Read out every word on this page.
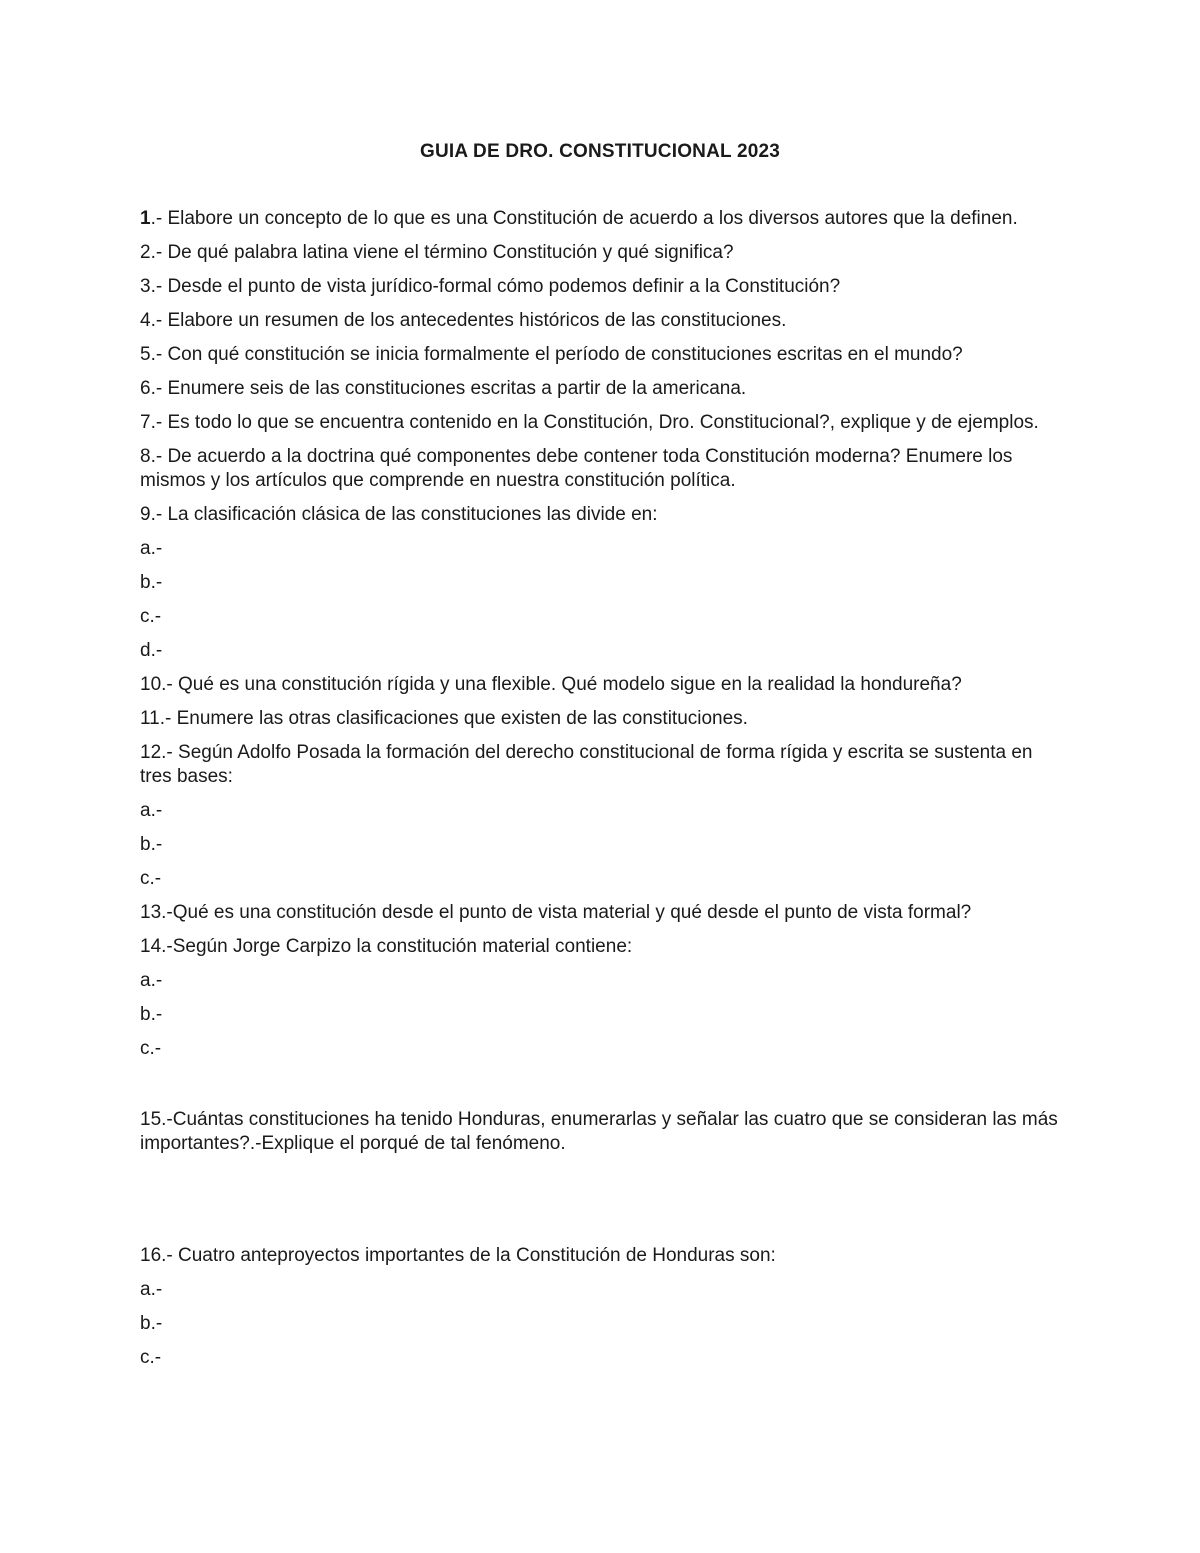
GUIA DE DRO. CONSTITUCIONAL 2023

1.- Elabore un concepto de lo que es una Constitución de acuerdo a los diversos autores que la definen.

2.- De qué palabra latina viene el término Constitución y qué significa?

3.- Desde el punto de vista jurídico-formal cómo podemos definir a la Constitución?

4.- Elabore un resumen de los antecedentes históricos de las constituciones.

5.- Con qué constitución se inicia formalmente el período de constituciones escritas en el mundo?

6.- Enumere seis de las constituciones escritas a partir de la americana.

7.- Es todo lo que se encuentra contenido en la Constitución, Dro. Constitucional?, explique y de ejemplos.

8.- De acuerdo a la doctrina qué componentes debe contener toda Constitución moderna? Enumere los mismos y los artículos que comprende en nuestra constitución política.

9.- La clasificación clásica de las constituciones las divide en:

a.-

b.-

c.-

d.-

10.- Qué es una constitución rígida y una flexible. Qué modelo sigue en la realidad la hondureña?

11.- Enumere las otras clasificaciones que existen de las constituciones.

12.- Según Adolfo Posada la formación del derecho constitucional de forma rígida y escrita se sustenta en tres bases:

a.-

b.-

c.-

13.-Qué es una constitución desde el punto de vista material y qué desde el punto de vista formal?

14.-Según Jorge Carpizo la constitución material contiene:

a.-

b.-

c.-

15.-Cuántas constituciones ha tenido Honduras, enumerarlas y señalar las cuatro que se consideran las más importantes?.-Explique el porqué de tal fenómeno.

16.- Cuatro anteproyectos importantes de la Constitución de Honduras son:

a.-

b.-

c.-
